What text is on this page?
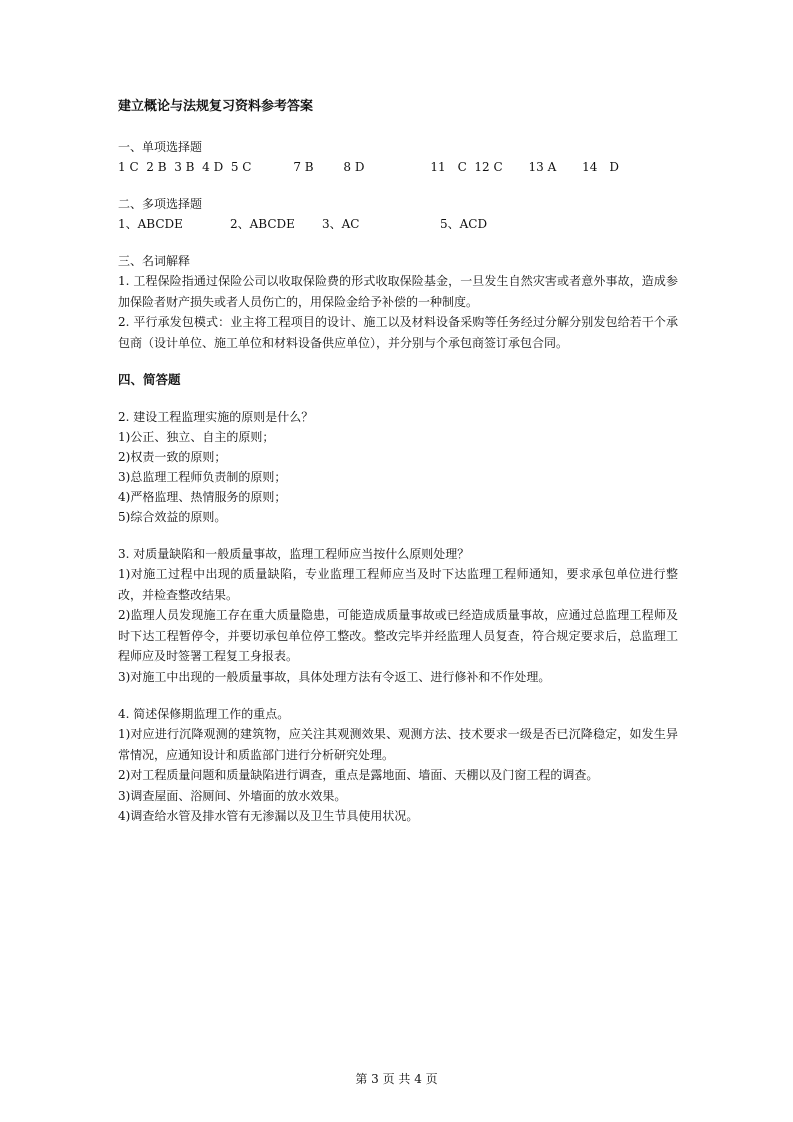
建立概论与法规复习资料参考答案

一、单项选择题

1 C 2 B 3 B 4 D 5 C	7 B 8 D	11　C 12 C 13 A 14　D

二、多项选择题

1、ABCDE	2、ABCDE 3、AC	5、ACD

三、名词解释

1. 工程保险指通过保险公司以收取保险费的形式收取保险基金，一旦发生自然灾害或者意外事故，造成参加保险者财产损失或者人员伤亡的，用保险金给予补偿的一种制度。

2. 平行承发包模式：业主将工程项目的设计、施工以及材料设备采购等任务经过分解分别发包给若干个承包商（设计单位、施工单位和材料设备供应单位），并分别与个承包商签订承包合同。

四、简答题

2. 建设工程监理实施的原则是什么？

1)公正、独立、自主的原则；

2)权责一致的原则；

3)总监理工程师负责制的原则；

4)严格监理、热情服务的原则；

5)综合效益的原则。

3. 对质量缺陷和一般质量事故，监理工程师应当按什么原则处理？

1)对施工过程中出现的质量缺陷，专业监理工程师应当及时下达监理工程师通知，要求承包单位进行整改，并检查整改结果。

2)监理人员发现施工存在重大质量隐患，可能造成质量事故或已经造成质量事故，应通过总监理工程师及时下达工程暂停令，并要切承包单位停工整改。整改完毕并经监理人员复查，符合规定要求后，总监理工程师应及时签署工程复工身报表。

3)对施工中出现的一般质量事故，具体处理方法有令返工、进行修补和不作处理。

4. 简述保修期监理工作的重点。

1)对应进行沉降观测的建筑物，应关注其观测效果、观测方法、技术要求一级是否已沉降稳定，如发生异常情况，应通知设计和质监部门进行分析研究处理。

2)对工程质量问题和质量缺陷进行调查，重点是露地面、墙面、天棚以及门窗工程的调查。

3)调查屋面、浴厕间、外墙面的放水效果。

4)调查给水管及排水管有无渗漏以及卫生节具使用状况。

第 3 页 共 4 页
